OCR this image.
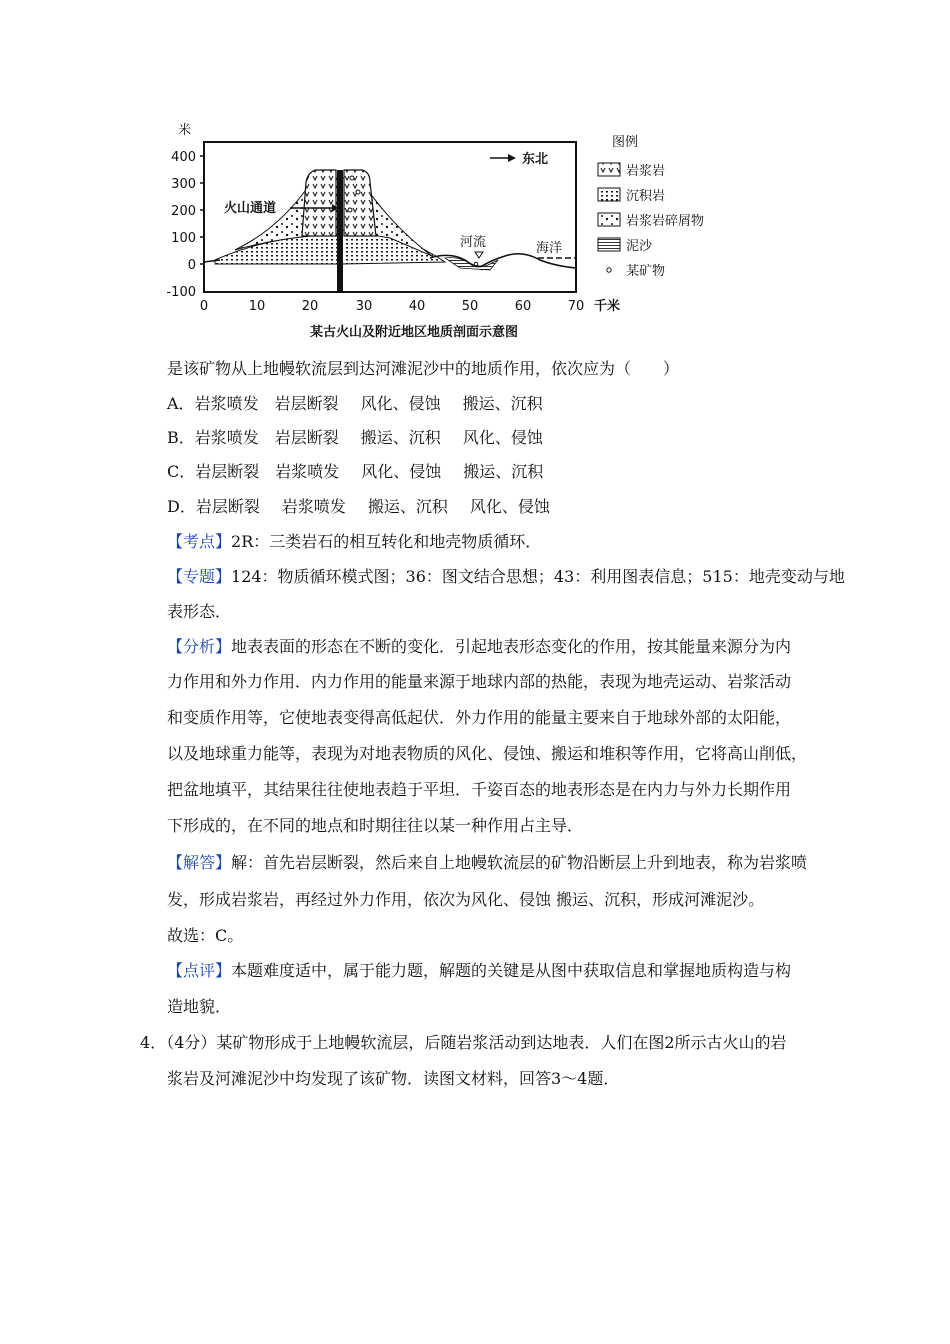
米
400
300
200
100
0
-100
火山通道
东北
河流	海洋
0	10	20	30	40	50	60	70 千米
某古火山及附近地区地质剖面示意图
图例
岩浆岩
沉积岩
岩浆岩碎屑物
泥沙
某矿物
是该矿物从上地幔软流层到达河滩泥沙中的地质作用，依次应为（　　）
A．岩浆喷发 岩层断裂 风化、侵蚀 搬运、沉积
B．岩浆喷发 岩层断裂 搬运、沉积 风化、侵蚀
C．岩层断裂 岩浆喷发 风化、侵蚀 搬运、沉积
D．岩层断裂 岩浆喷发 搬运、沉积 风化、侵蚀
【考点】2R：三类岩石的相互转化和地壳物质循环．
【专题】124：物质循环模式图；36：图文结合思想；43：利用图表信息；515：地壳变动与地
表形态．
【分析】地表表面的形态在不断的变化．引起地表形态变化的作用，按其能量来源分为内
力作用和外力作用．内力作用的能量来源于地球内部的热能，表现为地壳运动、岩浆活动
和变质作用等，它使地表变得高低起伏．外力作用的能量主要来自于地球外部的太阳能，
以及地球重力能等，表现为对地表物质的风化、侵蚀、搬运和堆积等作用，它将高山削低，
把盆地填平，其结果往往使地表趋于平坦．千姿百态的地表形态是在内力与外力长期作用
下形成的，在不同的地点和时期往往以某一种作用占主导．
【解答】解：首先岩层断裂，然后来自上地幔软流层的矿物沿断层上升到地表，称为岩浆喷
发，形成岩浆岩，再经过外力作用，依次为风化、侵蚀 搬运、沉积，形成河滩泥沙。
故选：C。
【点评】本题难度适中，属于能力题，解题的关键是从图中获取信息和掌握地质构造与构
造地貌．
4．（4分）某矿物形成于上地幔软流层，后随岩浆活动到达地表．人们在图2所示古火山的岩
浆岩及河滩泥沙中均发现了该矿物．读图文材料，回答3～4题．
